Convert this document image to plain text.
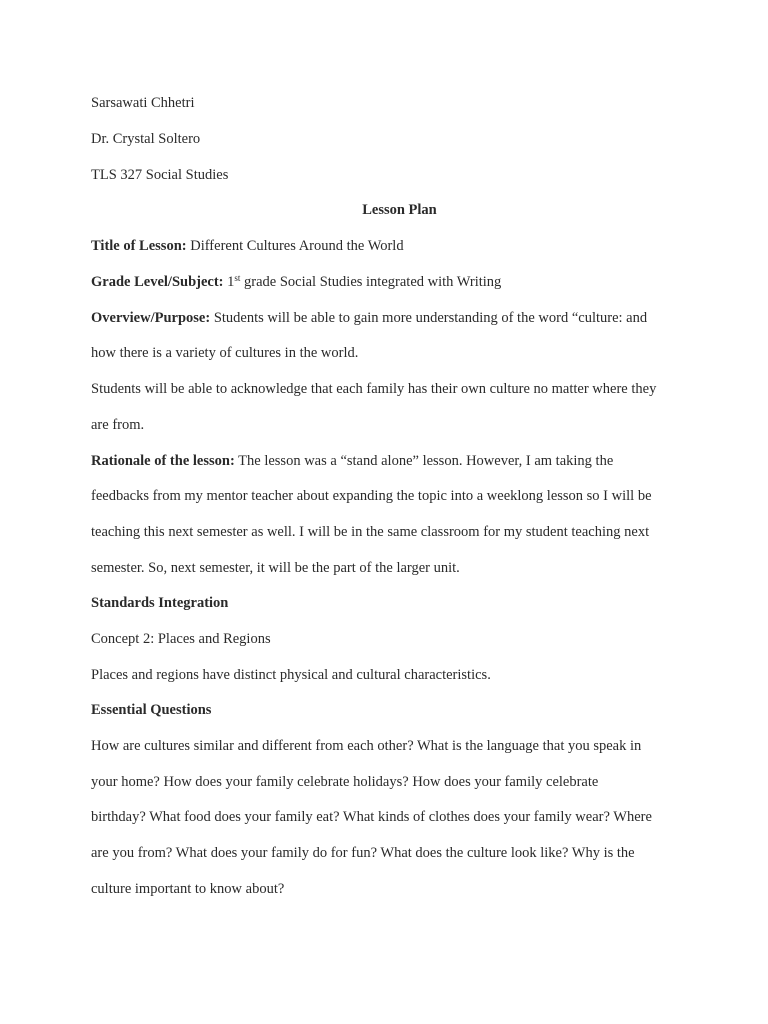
Sarsawati Chhetri
Dr. Crystal Soltero
TLS 327 Social Studies
Lesson Plan
Title of Lesson: Different Cultures Around the World
Grade Level/Subject: 1st grade Social Studies integrated with Writing
Overview/Purpose: Students will be able to gain more understanding of the word “culture: and
how there is a variety of cultures in the world.
Students will be able to acknowledge that each family has their own culture no matter where they
are from.
Rationale of the lesson: The lesson was a “stand alone” lesson. However, I am taking the
feedbacks from my mentor teacher about expanding the topic into a weeklong lesson so I will be
teaching this next semester as well. I will be in the same classroom for my student teaching next
semester. So, next semester, it will be the part of the larger unit.
Standards Integration
Concept 2: Places and Regions
Places and regions have distinct physical and cultural characteristics.
Essential Questions
How are cultures similar and different from each other? What is the language that you speak in
your home? How does your family celebrate holidays? How does your family celebrate
birthday? What food does your family eat? What kinds of clothes does your family wear? Where
are you from? What does your family do for fun? What does the culture look like? Why is the
culture important to know about?
